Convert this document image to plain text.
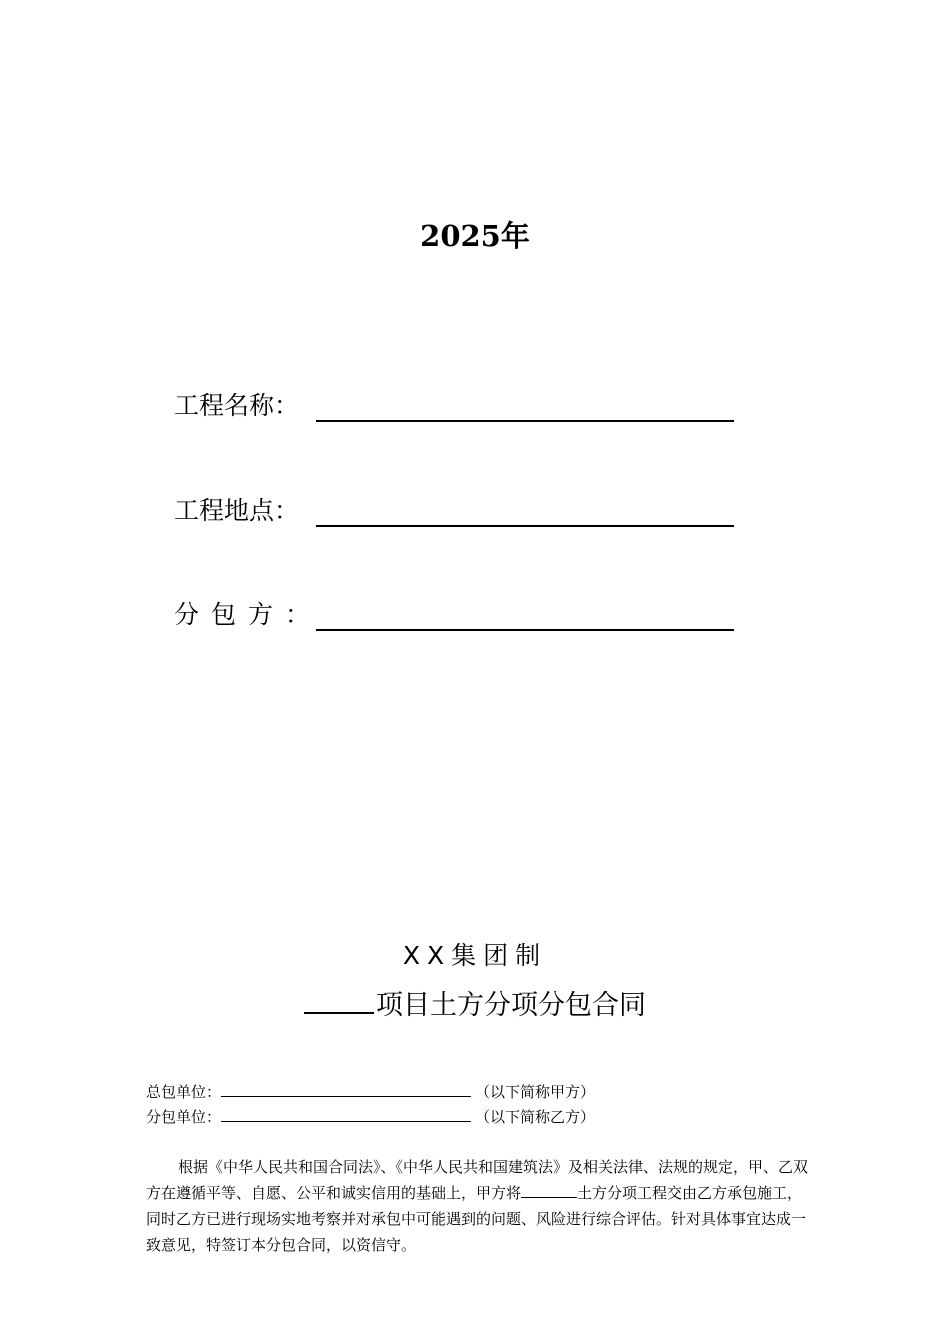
2025年
工程名称：
工程地点：
分包方：
XX集团制
项目土方分项分包合同
总包单位：	（以下简称甲方）
分包单位：	（以下简称乙方）
根据《中华人民共和国合同法》、《中华人民共和国建筑法》及相关法律、法规的规定，甲、乙双方在遵循平等、自愿、公平和诚实信用的基础上，甲方将	土方分项工程交由乙方承包施工，同时乙方已进行现场实地考察并对承包中可能遇到的问题、风险进行综合评估。针对具体事宜达成一致意见，特签订本分包合同，以资信守。
